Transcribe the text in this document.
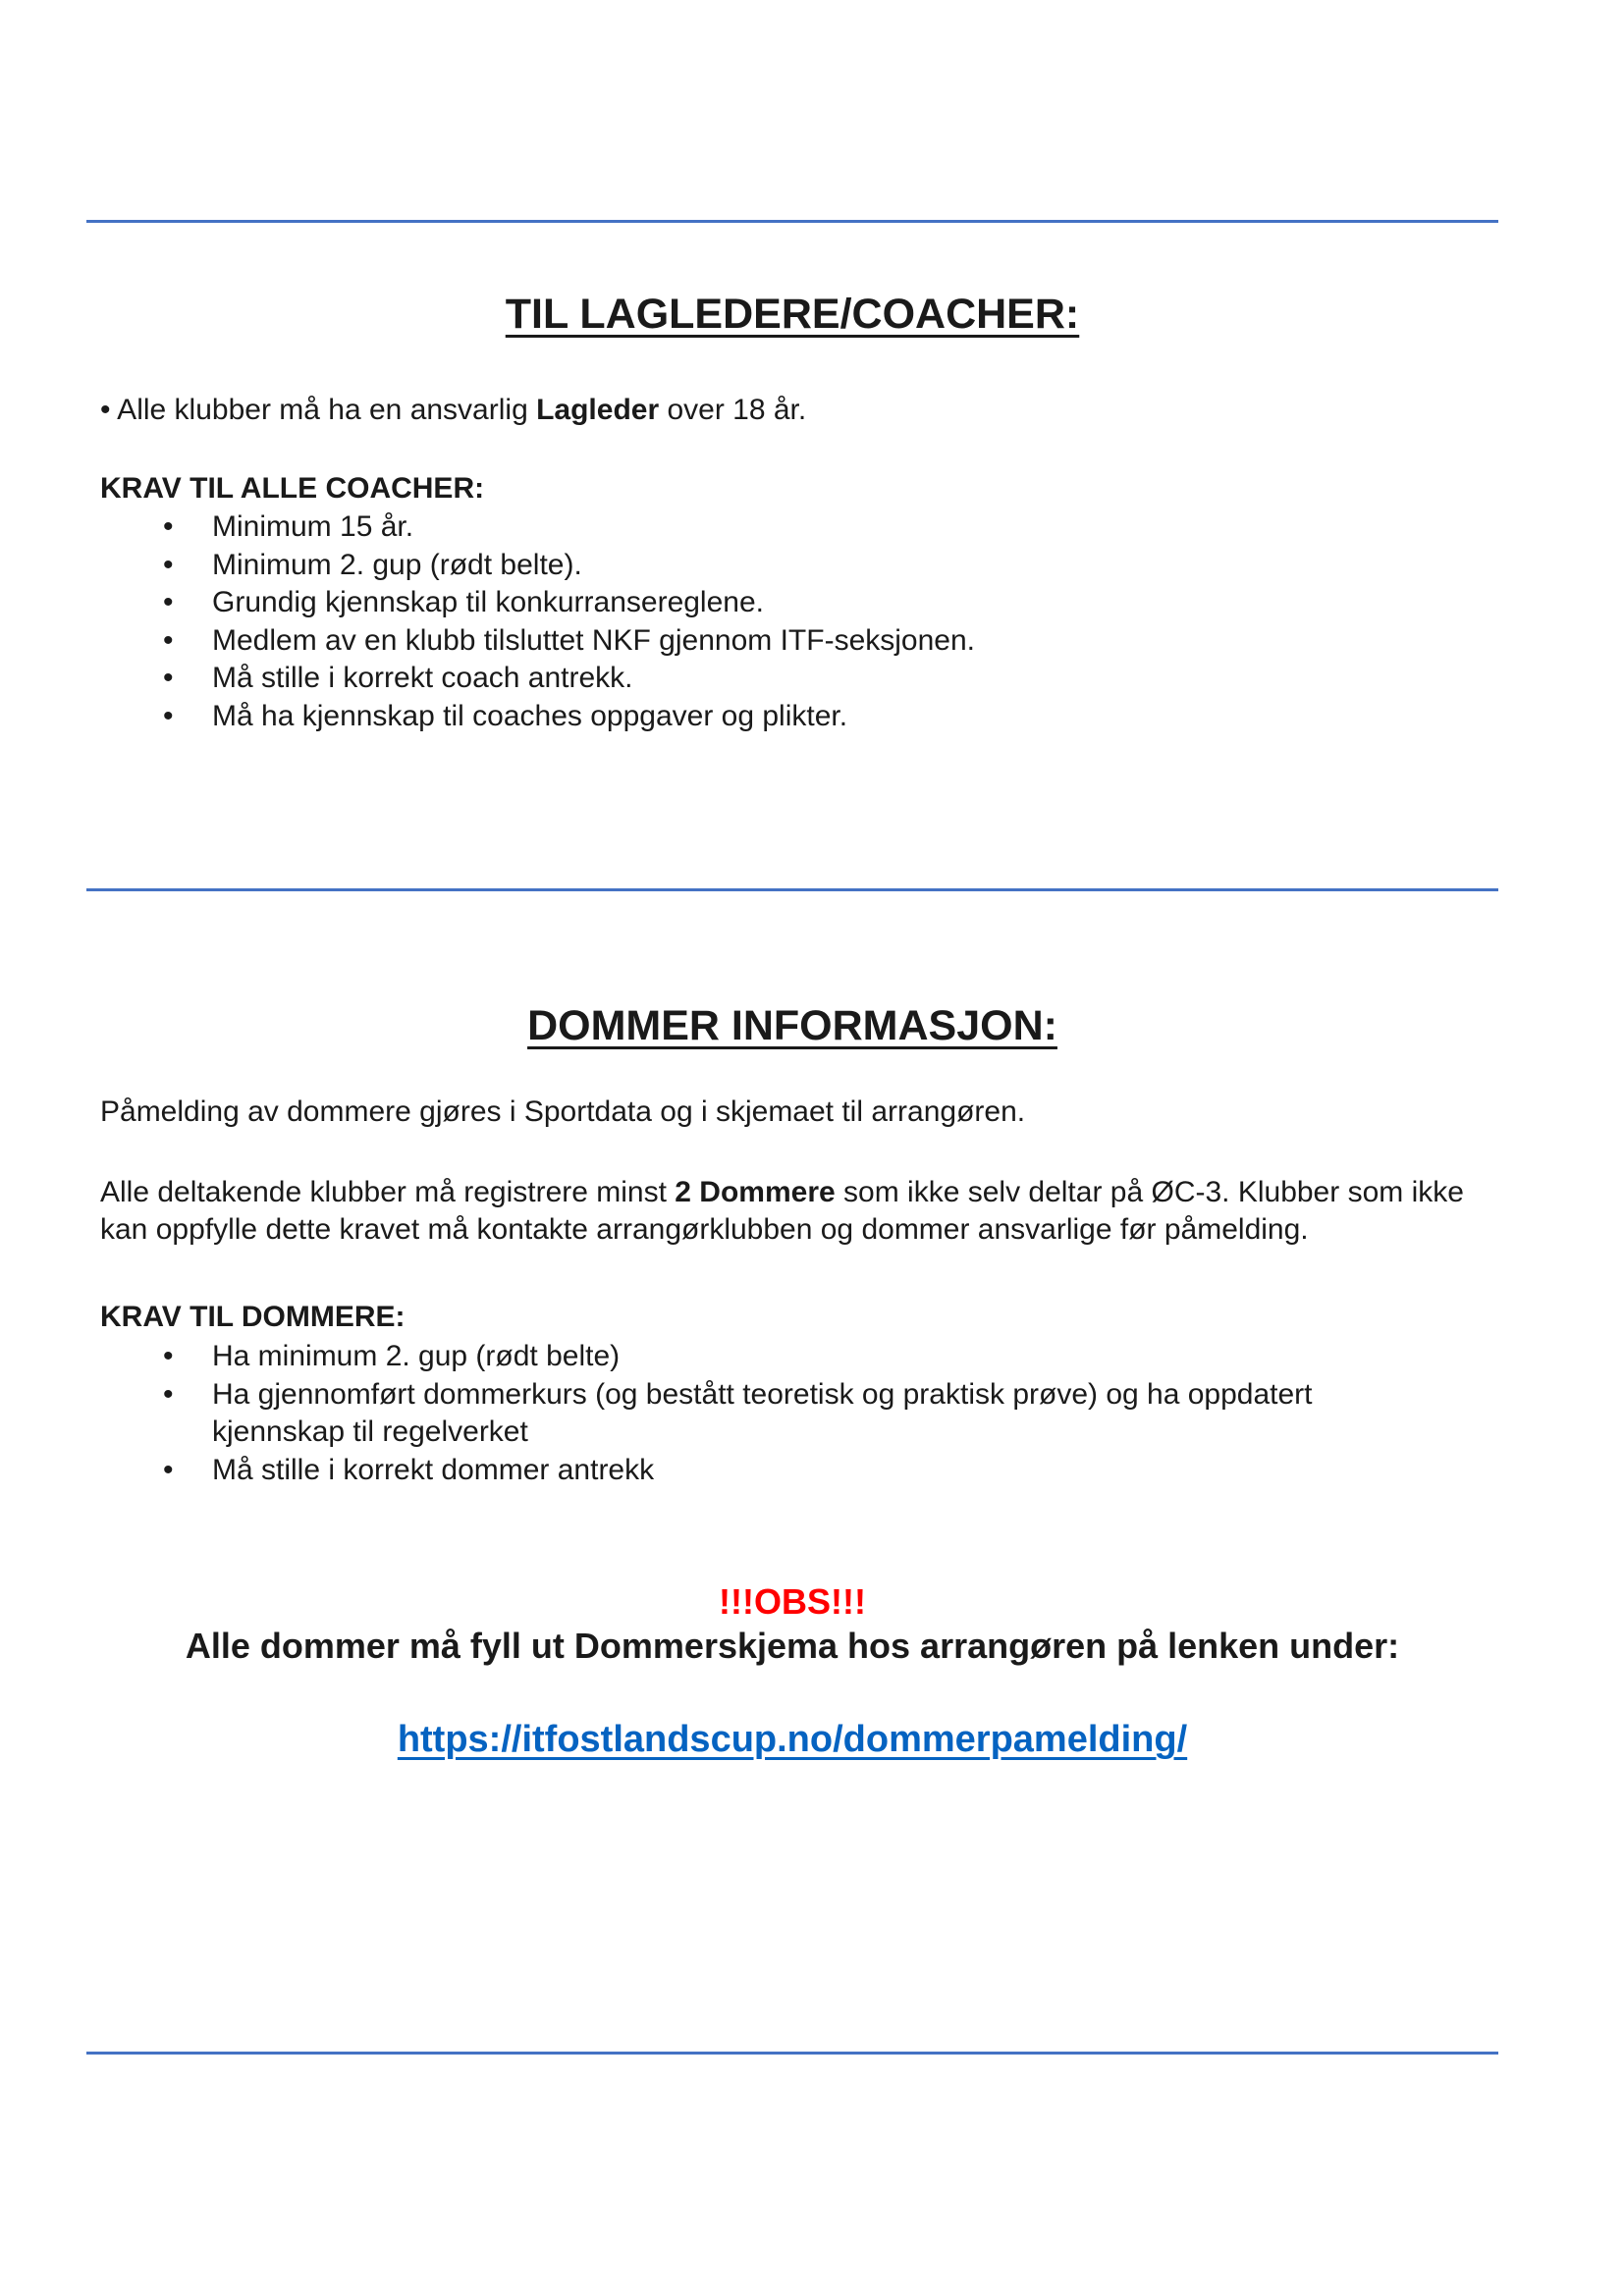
TIL LAGLEDERE/COACHER:

• Alle klubber må ha en ansvarlig Lagleder over 18 år.

KRAV TIL ALLE COACHER:

• Minimum 15 år.
• Minimum 2. gup (rødt belte).
• Grundig kjennskap til konkurransereglene.
• Medlem av en klubb tilsluttet NKF gjennom ITF-seksjonen.
• Må stille i korrekt coach antrekk.
• Må ha kjennskap til coaches oppgaver og plikter.
DOMMER INFORMASJON:

Påmelding av dommere gjøres i Sportdata og i skjemaet til arrangøren.

Alle deltakende klubber må registrere minst 2 Dommere som ikke selv deltar på ØC-3. Klubber som ikke kan oppfylle dette kravet må kontakte arrangørklubben og dommer ansvarlige før påmelding.

KRAV TIL DOMMERE:

• Ha minimum 2. gup (rødt belte)
• Ha gjennomført dommerkurs (og bestått teoretisk og praktisk prøve) og ha oppdatert kjennskap til regelverket
• Må stille i korrekt dommer antrekk

!!!OBS!!!

Alle dommer må fyll ut Dommerskjema hos arrangøren på lenken under:

https://itfostlandscup.no/dommerpamelding/
